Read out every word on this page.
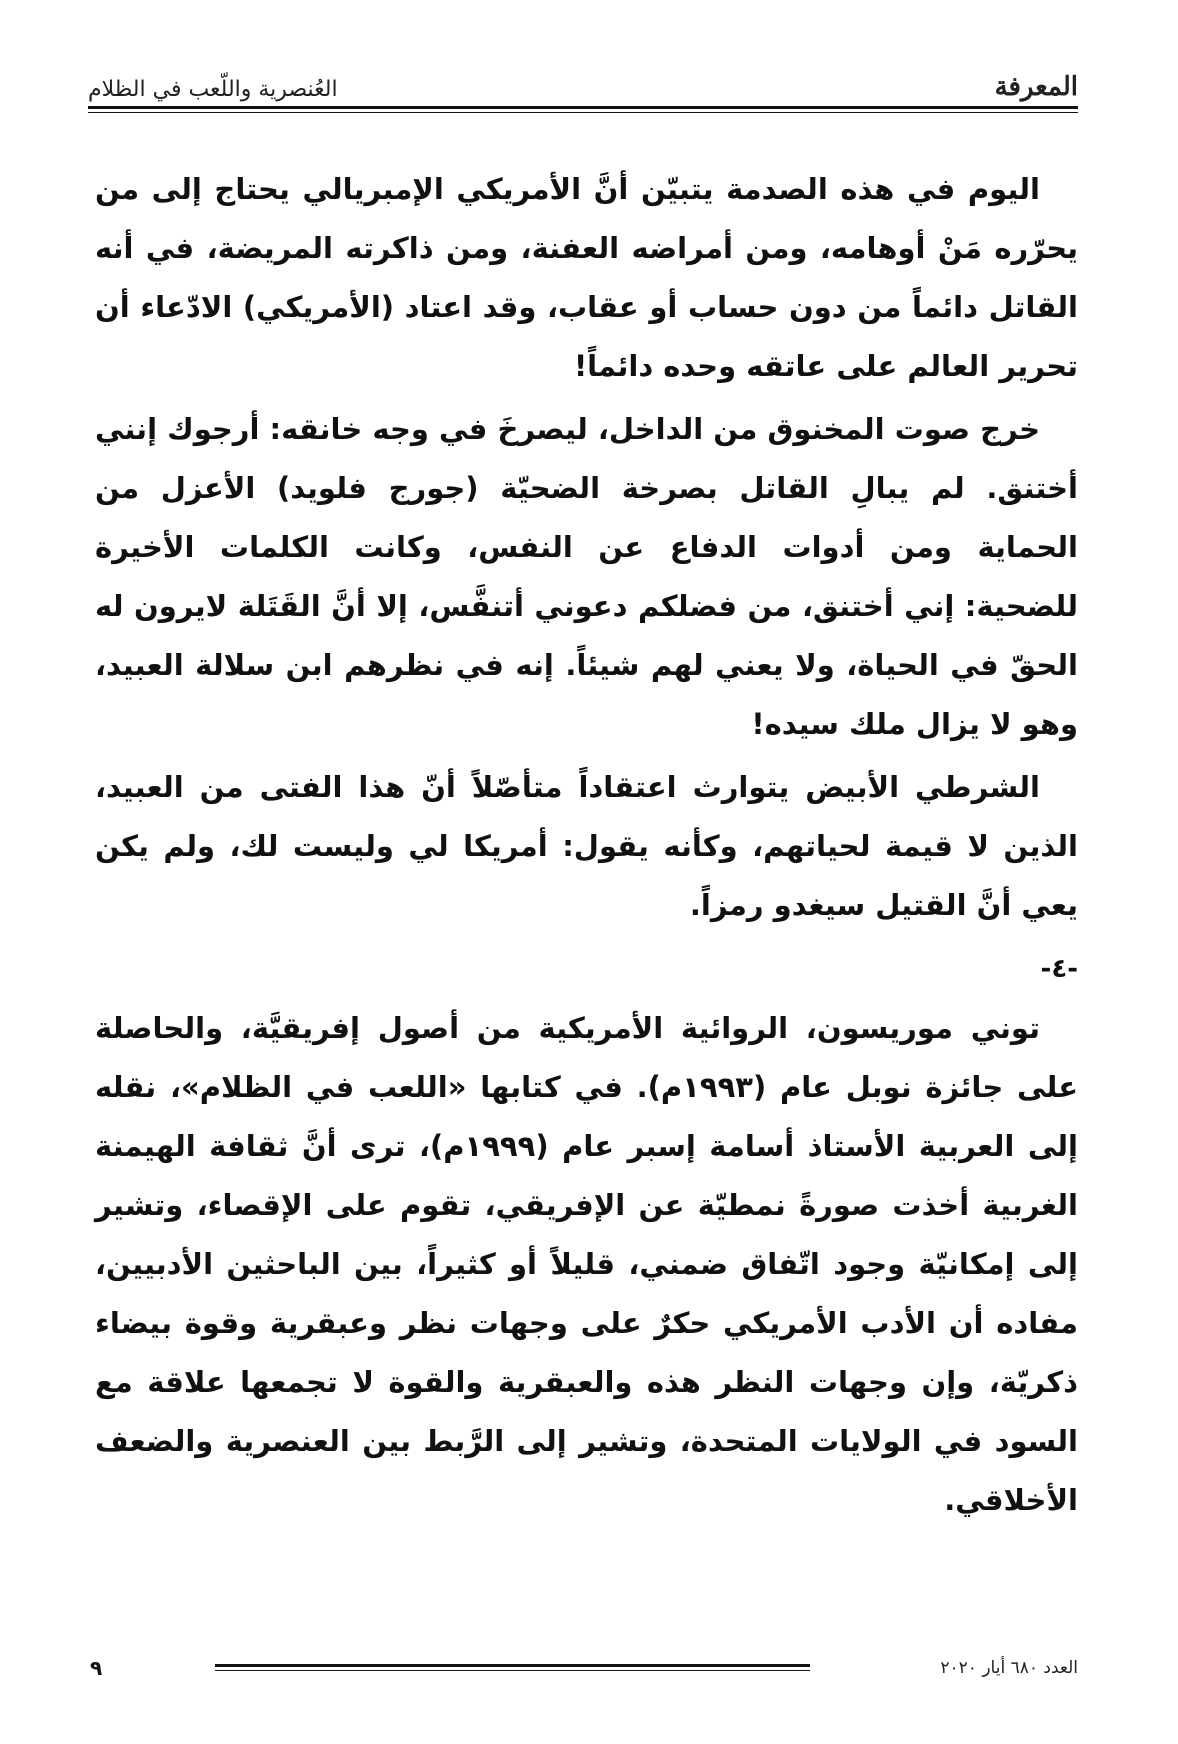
المعرفة
العُنصرية واللّعب في الظلام

اليوم في هذه الصدمة يتبيّن أنَّ الأمريكي الإمبريالي يحتاج إلى من يحرّره مَنْ أوهامه، ومن أمراضه العفنة، ومن ذاكرته المريضة، في أنه القاتل دائماً من دون حساب أو عقاب، وقد اعتاد (الأمريكي) الادّعاء أن تحرير العالم على عاتقه وحده دائماً!

خرج صوت المخنوق من الداخل، ليصرخَ في وجه خانقه: أرجوك إنني أختنق. لم يبالِ القاتل بصرخة الضحيّة (جورج فلويد) الأعزل من الحماية ومن أدوات الدفاع عن النفس، وكانت الكلمات الأخيرة للضحية: إني أختنق، من فضلكم دعوني أتنفَّس، إلا أنَّ القَتَلة لايرون له الحقّ في الحياة، ولا يعني لهم شيئاً. إنه في نظرهم ابن سلالة العبيد، وهو لا يزال ملك سيده!

الشرطي الأبيض يتوارث اعتقاداً متأصّلاً أنّ هذا الفتى من العبيد، الذين لا قيمة لحياتهم، وكأنه يقول: أمريكا لي وليست لك، ولم يكن يعي أنَّ القتيل سيغدو رمزاً.

-٤-

توني موريسون، الروائية الأمريكية من أصول إفريقيَّة، والحاصلة على جائزة نوبل عام (١٩٩٣م). في كتابها «اللعب في الظلام»، نقله إلى العربية الأستاذ أسامة إسبر عام (١٩٩٩م)، ترى أنَّ ثقافة الهيمنة الغربية أخذت صورةً نمطيّة عن الإفريقي، تقوم على الإقصاء، وتشير إلى إمكانيّة وجود اتّفاق ضمني، قليلاً أو كثيراً، بين الباحثين الأدبيين، مفاده أن الأدب الأمريكي حكرٌ على وجهات نظر وعبقرية وقوة بيضاء ذكريّة، وإن وجهات النظر هذه والعبقرية والقوة لا تجمعها علاقة مع السود في الولايات المتحدة، وتشير إلى الرَّبط بين العنصرية والضعف الأخلاقي.

العدد ٦٨٠ أيار ٢٠٢٠
٩
